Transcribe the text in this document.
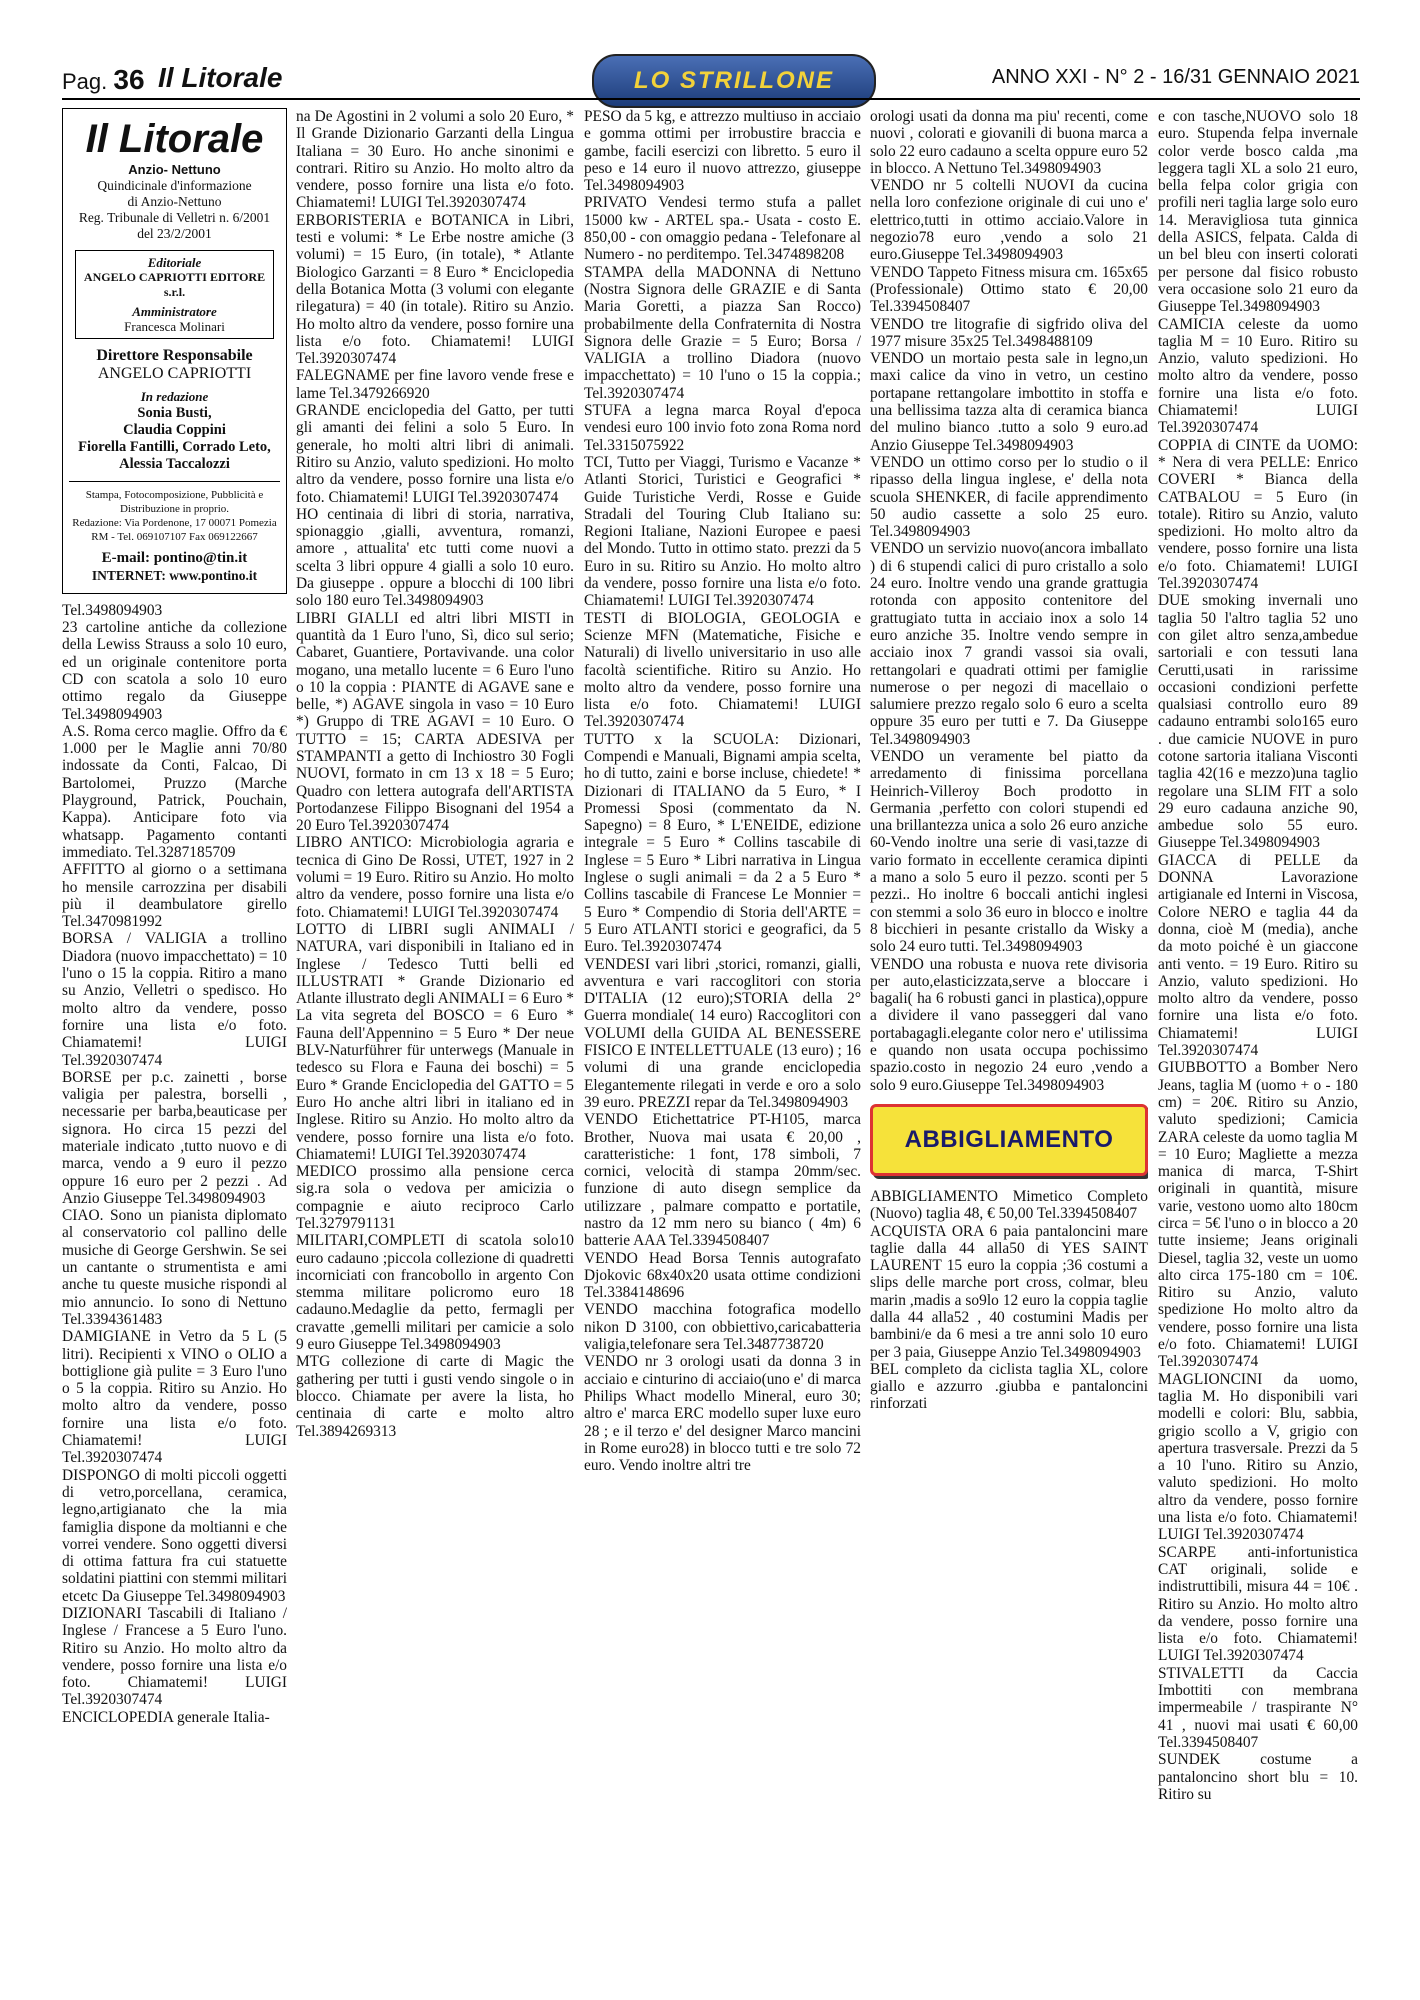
Pag. 36 Il Litorale	LO STRILLONE	ANNO XXI - N° 2 - 16/31 GENNAIO 2021
Il Litorale
Anzio- Nettuno
Quindicinale d'informazione
di Anzio-Nettuno
Reg. Tribunale di Velletri n. 6/2001
del 23/2/2001
Editoriale
ANGELO CAPRIOTTI EDITORE s.r.l.
Amministratore
Francesca Molinari
Direttore Responsabile
ANGELO CAPRIOTTI
In redazione
Sonia Busti,
Claudia Coppini
Fiorella Fantilli, Corrado Leto,
Alessia Taccalozzi
Stampa, Fotocomposizione, Pubblicità e Distribuzione in proprio.
Redazione: Via Pordenone, 17 00071 Pomezia RM - Tel. 069107107 Fax 069122667
E-mail: pontino@tin.it
INTERNET: www.pontino.it

Tel.3498094903

23 cartoline antiche da collezione della Lewiss Strauss a solo 10 euro, ed un originale contenitore porta CD con scatola a solo 10 euro ottimo regalo da Giuseppe Tel.3498094903

A.S. Roma cerco maglie. Offro da € 1.000 per le Maglie anni 70/80 indossate da Conti, Falcao, Di Bartolomei, Pruzzo (Marche Playground, Patrick, Pouchain, Kappa). Anticipare foto via whatsapp. Pagamento contanti immediato. Tel.3287185709

AFFITTO al giorno o a settimana ho mensile carrozzina per disabili più il deambulatore girello Tel.3470981992

BORSA / VALIGIA a trollino Diadora (nuovo impacchettato) = 10 l'uno o 15 la coppia. Ritiro a mano su Anzio, Velletri o spedisco. Ho molto altro da vendere, posso fornire una lista e/o foto. Chiamatemi! LUIGI Tel.3920307474

BORSE per p.c. zainetti , borse valigia per palestra, borselli , necessarie per barba,beauticase per signora. Ho circa 15 pezzi del materiale indicato ,tutto nuovo e di marca, vendo a 9 euro il pezzo oppure 16 euro per 2 pezzi . Ad Anzio Giuseppe Tel.3498094903

CIAO. Sono un pianista diplomato al conservatorio col pallino delle musiche di George Gershwin. Se sei un cantante o strumentista e ami anche tu queste musiche rispondi al mio annuncio. Io sono di Nettuno Tel.3394361483

DAMIGIANE in Vetro da 5 L (5 litri). Recipienti x VINO o OLIO a bottiglione già pulite = 3 Euro l'uno o 5 la coppia. Ritiro su Anzio. Ho molto altro da vendere, posso fornire una lista e/o foto. Chiamatemi! LUIGI Tel.3920307474

DISPONGO di molti piccoli oggetti di vetro,porcellana, ceramica, legno,artigianato che la mia famiglia dispone da moltianni e che vorrei vendere. Sono oggetti diversi di ottima fattura fra cui statuette soldatini piattini con stemmi militari etcetc Da Giuseppe Tel.3498094903

DIZIONARI Tascabili di Italiano / Inglese / Francese a 5 Euro l'uno. Ritiro su Anzio. Ho molto altro da vendere, posso fornire una lista e/o foto. Chiamatemi! LUIGI Tel.3920307474

ENCICLOPEDIA generale Italia-

na De Agostini in 2 volumi a solo 20 Euro, * Il Grande Dizionario Garzanti della Lingua Italiana = 30 Euro. Ho anche sinonimi e contrari. Ritiro su Anzio. Ho molto altro da vendere, posso fornire una lista e/o foto. Chiamatemi! LUIGI Tel.3920307474

ERBORISTERIA e BOTANICA in Libri, testi e volumi: * Le Erbe nostre amiche (3 volumi) = 15 Euro, (in totale), * Atlante Biologico Garzanti = 8 Euro * Enciclopedia della Botanica Motta (3 volumi con elegante rilegatura) = 40 (in totale). Ritiro su Anzio. Ho molto altro da vendere, posso fornire una lista e/o foto. Chiamatemi! LUIGI Tel.3920307474

FALEGNAME per fine lavoro vende frese e lame Tel.3479266920

GRANDE enciclopedia del Gatto, per tutti gli amanti dei felini a solo 5 Euro. In generale, ho molti altri libri di animali. Ritiro su Anzio, valuto spedizioni. Ho molto altro da vendere, posso fornire una lista e/o foto. Chiamatemi! LUIGI Tel.3920307474

HO centinaia di libri di storia, narrativa, spionaggio ,gialli, avventura, romanzi, amore , attualita' etc tutti come nuovi a scelta 3 libri oppure 4 gialli a solo 10 euro. Da giuseppe . oppure a blocchi di 100 libri solo 180 euro Tel.3498094903

LIBRI GIALLI ed altri libri MISTI in quantità da 1 Euro l'uno, Sì, dico sul serio; Cabaret, Guantiere, Portavivande. una color mogano, una metallo lucente = 6 Euro l'uno o 10 la coppia : PIANTE di AGAVE sane e belle, *) AGAVE singola in vaso = 10 Euro *) Gruppo di TRE AGAVI = 10 Euro. O TUTTO = 15; CARTA ADESIVA per STAMPANTI a getto di Inchiostro 30 Fogli NUOVI, formato in cm 13 x 18 = 5 Euro; Quadro con lettera autografa dell'ARTISTA Portodanzese Filippo Bisognani del 1954 a 20 Euro Tel.3920307474

LIBRO ANTICO: Microbiologia agraria e tecnica di Gino De Rossi, UTET, 1927 in 2 volumi = 19 Euro. Ritiro su Anzio. Ho molto altro da vendere, posso fornire una lista e/o foto. Chiamatemi! LUIGI Tel.3920307474

LOTTO di LIBRI sugli ANIMALI / NATURA, vari disponibili in Italiano ed in Inglese / Tedesco Tutti belli ed ILLUSTRATI * Grande Dizionario ed Atlante illustrato degli ANIMALI = 6 Euro * La vita segreta del BOSCO = 6 Euro * Fauna dell'Appennino = 5 Euro * Der neue BLV-Naturführer für unterwegs (Manuale in tedesco su Flora e Fauna dei boschi) = 5 Euro * Grande Enciclopedia del GATTO = 5 Euro Ho anche altri libri in italiano ed in Inglese. Ritiro su Anzio. Ho molto altro da vendere, posso fornire una lista e/o foto. Chiamatemi! LUIGI Tel.3920307474

MEDICO prossimo alla pensione cerca sig.ra sola o vedova per amicizia o compagnie e aiuto reciproco Carlo Tel.3279791131

MILITARI,COMPLETI di scatola solo10 euro cadauno ;piccola collezione di quadretti incorniciati con francobollo in argento Con stemma militare policromo euro 18 cadauno.Medaglie da petto, fermagli per cravatte ,gemelli militari per camicie a solo 9 euro Giuseppe Tel.3498094903

MTG collezione di carte di Magic the gathering per tutti i gusti vendo singole o in blocco. Chiamate per avere la lista, ho centinaia di carte e molto altro Tel.3894269313

PESO da 5 kg, e attrezzo multiuso in acciaio e gomma ottimi per irrobustire braccia e gambe, facili esercizi con libretto. 5 euro il peso e 14 euro il nuovo attrezzo, giuseppe Tel.3498094903

PRIVATO Vendesi termo stufa a pallet 15000 kw - ARTEL spa.- Usata - costo E. 850,00 - con omaggio pedana - Telefonare al Numero - no perditempo. Tel.3474898208

STAMPA della MADONNA di Nettuno (Nostra Signora delle GRAZIE e di Santa Maria Goretti, a piazza San Rocco) probabilmente della Confraternita di Nostra Signora delle Grazie = 5 Euro; Borsa / VALIGIA a trollino Diadora (nuovo impacchettato) = 10 l'uno o 15 la coppia.; Tel.3920307474

STUFA a legna marca Royal d'epoca vendesi euro 100 invio foto zona Roma nord Tel.3315075922

TCI, Tutto per Viaggi, Turismo e Vacanze * Atlanti Storici, Turistici e Geografici * Guide Turistiche Verdi, Rosse e Guide Stradali del Touring Club Italiano su: Regioni Italiane, Nazioni Europee e paesi del Mondo. Tutto in ottimo stato. prezzi da 5 Euro in su. Ritiro su Anzio. Ho molto altro da vendere, posso fornire una lista e/o foto. Chiamatemi! LUIGI Tel.3920307474

TESTI di BIOLOGIA, GEOLOGIA e Scienze MFN (Matematiche, Fisiche e Naturali) di livello universitario in uso alle facoltà scientifiche. Ritiro su Anzio. Ho molto altro da vendere, posso fornire una lista e/o foto. Chiamatemi! LUIGI Tel.3920307474

TUTTO x la SCUOLA: Dizionari, Compendi e Manuali, Bignami ampia scelta, ho di tutto, zaini e borse incluse, chiedete! * Dizionari di ITALIANO da 5 Euro, * I Promessi Sposi (commentato da N. Sapegno) = 8 Euro, * L'ENEIDE, edizione integrale = 5 Euro * Collins tascabile di Inglese = 5 Euro * Libri narrativa in Lingua Inglese o sugli animali = da 2 a 5 Euro * Collins tascabile di Francese Le Monnier = 5 Euro * Compendio di Storia dell'ARTE = 5 Euro ATLANTI storici e geografici, da 5 Euro. Tel.3920307474

VENDESI vari libri ,storici, romanzi, gialli, avventura e vari raccoglitori con storia D'ITALIA (12 euro);STORIA della 2° Guerra mondiale( 14 euro) Raccoglitori con VOLUMI della GUIDA AL BENESSERE FISICO E INTELLETTUALE (13 euro) ; 16 volumi di una grande enciclopedia Elegantemente rilegati in verde e oro a solo 39 euro. PREZZI repar da Tel.3498094903

VENDO Etichettatrice PT-H105, marca Brother, Nuova mai usata € 20,00 , caratteristiche: 1 font, 178 simboli, 7 cornici, velocità di stampa 20mm/sec. funzione di auto disegn semplice da utilizzare , palmare compatto e portatile, nastro da 12 mm nero su bianco ( 4m) 6 batterie AAA Tel.3394508407

VENDO Head Borsa Tennis autografato Djokovic 68x40x20 usata ottime condizioni Tel.3384148696

VENDO macchina fotografica modello nikon D 3100, con obbiettivo,caricabatteria valigia,telefonare sera Tel.3487738720

VENDO nr 3 orologi usati da donna 3 in acciaio e cinturino di acciaio(uno e' di marca Philips Whact modello Mineral, euro 30; altro e' marca ERC modello super luxe euro 28 ; e il terzo e' del designer Marco mancini in Rome euro28) in blocco tutti e tre solo 72 euro. Vendo inoltre altri tre

orologi usati da donna ma piu' recenti, come nuovi , colorati e giovanili di buona marca a solo 22 euro cadauno a scelta oppure euro 52 in blocco. A Nettuno Tel.3498094903

VENDO nr 5 coltelli NUOVI da cucina nella loro confezione originale di cui uno e' elettrico,tutti in ottimo acciaio.Valore in negozio78 euro ,vendo a solo 21 euro.Giuseppe Tel.3498094903

VENDO Tappeto Fitness misura cm. 165x65 (Professionale) Ottimo stato € 20,00 Tel.3394508407

VENDO tre litografie di sigfrido oliva del 1977 misure 35x25 Tel.3498488109

VENDO un mortaio pesta sale in legno,un maxi calice da vino in vetro, un cestino portapane rettangolare imbottito in stoffa e una bellissima tazza alta di ceramica bianca del mulino bianco .tutto a solo 9 euro.ad Anzio Giuseppe Tel.3498094903

VENDO un ottimo corso per lo studio o il ripasso della lingua inglese, e' della nota scuola SHENKER, di facile apprendimento 50 audio cassette a solo 25 euro. Tel.3498094903

VENDO un servizio nuovo(ancora imballato ) di 6 stupendi calici di puro cristallo a solo 24 euro. Inoltre vendo una grande grattugia rotonda con apposito contenitore del grattugiato tutta in acciaio inox a solo 14 euro anziche 35. Inoltre vendo sempre in acciaio inox 7 grandi vassoi sia ovali, rettangolari e quadrati ottimi per famiglie numerose o per negozi di macellaio o salumiere prezzo regalo solo 6 euro a scelta oppure 35 euro per tutti e 7. Da Giuseppe Tel.3498094903

VENDO un veramente bel piatto da arredamento di finissima porcellana Heinrich-Villeroy Boch prodotto in Germania ,perfetto con colori stupendi ed una brillantezza unica a solo 26 euro anziche 60-Vendo inoltre una serie di vasi,tazze di vario formato in eccellente ceramica dipinti a mano a solo 5 euro il pezzo. sconti per 5 pezzi.. Ho inoltre 6 boccali antichi inglesi con stemmi a solo 36 euro in blocco e inoltre 8 bicchieri in pesante cristallo da Wisky a solo 24 euro tutti. Tel.3498094903

VENDO una robusta e nuova rete divisoria per auto,elasticizzata,serve a bloccare i bagali( ha 6 robusti ganci in plastica),oppure a dividere il vano passeggeri dal vano portabagagli.elegante color nero e' utilissima e quando non usata occupa pochissimo spazio.costo in negozio 24 euro ,vendo a solo 9 euro.Giuseppe Tel.3498094903

ABBIGLIAMENTO

ABBIGLIAMENTO Mimetico Completo (Nuovo) taglia 48, € 50,00 Tel.3394508407

ACQUISTA ORA 6 paia pantaloncini mare taglie dalla 44 alla50 di YES SAINT LAURENT 15 euro la coppia ;36 costumi a slips delle marche port cross, colmar, bleu marin ,madis a so9lo 12 euro la coppia taglie dalla 44 alla52 , 40 costumini Madis per bambini/e da 6 mesi a tre anni solo 10 euro per 3 paia, Giuseppe Anzio Tel.3498094903

BEL completo da ciclista taglia XL, colore giallo e azzurro .giubba e pantaloncini rinforzati

e con tasche,NUOVO solo 18 euro. Stupenda felpa invernale color verde bosco calda ,ma leggera tagli XL a solo 21 euro, bella felpa color grigia con profili neri taglia large solo euro 14. Meravigliosa tuta ginnica della ASICS, felpata. Calda di un bel bleu con inserti colorati per persone dal fisico robusto vera occasione solo 21 euro da Giuseppe Tel.3498094903

CAMICIA celeste da uomo taglia M = 10 Euro. Ritiro su Anzio, valuto spedizioni. Ho molto altro da vendere, posso fornire una lista e/o foto. Chiamatemi! LUIGI Tel.3920307474

COPPIA di CINTE da UOMO: * Nera di vera PELLE: Enrico COVERI * Bianca della CATBALOU = 5 Euro (in totale). Ritiro su Anzio, valuto spedizioni. Ho molto altro da vendere, posso fornire una lista e/o foto. Chiamatemi! LUIGI Tel.3920307474

DUE smoking invernali uno taglia 50 l'altro taglia 52 uno con gilet altro senza,ambedue sartoriali e con tessuti lana Cerutti,usati in rarissime occasioni condizioni perfette qualsiasi controllo euro 89 cadauno entrambi solo165 euro . due camicie NUOVE in puro cotone sartoria italiana Visconti taglia 42(16 e mezzo)una taglio regolare una SLIM FIT a solo 29 euro cadauna anziche 90, ambedue solo 55 euro. Giuseppe Tel.3498094903

GIACCA di PELLE da DONNA Lavorazione artigianale ed Interni in Viscosa, Colore NERO e taglia 44 da donna, cioè M (media), anche da moto poiché è un giaccone anti vento. = 19 Euro. Ritiro su Anzio, valuto spedizioni. Ho molto altro da vendere, posso fornire una lista e/o foto. Chiamatemi! LUIGI Tel.3920307474

GIUBBOTTO a Bomber Nero Jeans, taglia M (uomo + o - 180 cm) = 20€. Ritiro su Anzio, valuto spedizioni; Camicia ZARA celeste da uomo taglia M = 10 Euro; Magliette a mezza manica di marca, T-Shirt originali in quantità, misure varie, vestono uomo alto 180cm circa = 5€ l'uno o in blocco a 20 tutte insieme; Jeans originali Diesel, taglia 32, veste un uomo alto circa 175-180 cm = 10€. Ritiro su Anzio, valuto spedizione Ho molto altro da vendere, posso fornire una lista e/o foto. Chiamatemi! LUIGI Tel.3920307474

MAGLIONCINI da uomo, taglia M. Ho disponibili vari modelli e colori: Blu, sabbia, grigio scollo a V, grigio con apertura trasversale. Prezzi da 5 a 10 l'uno. Ritiro su Anzio, valuto spedizioni. Ho molto altro da vendere, posso fornire una lista e/o foto. Chiamatemi! LUIGI Tel.3920307474

SCARPE anti-infortunistica CAT originali, solide e indistruttibili, misura 44 = 10€ . Ritiro su Anzio. Ho molto altro da vendere, posso fornire una lista e/o foto. Chiamatemi! LUIGI Tel.3920307474

STIVALETTI da Caccia Imbottiti con membrana impermeabile / traspirante N° 41 , nuovi mai usati € 60,00 Tel.3394508407

SUNDEK costume a pantaloncino short blu = 10. Ritiro su
